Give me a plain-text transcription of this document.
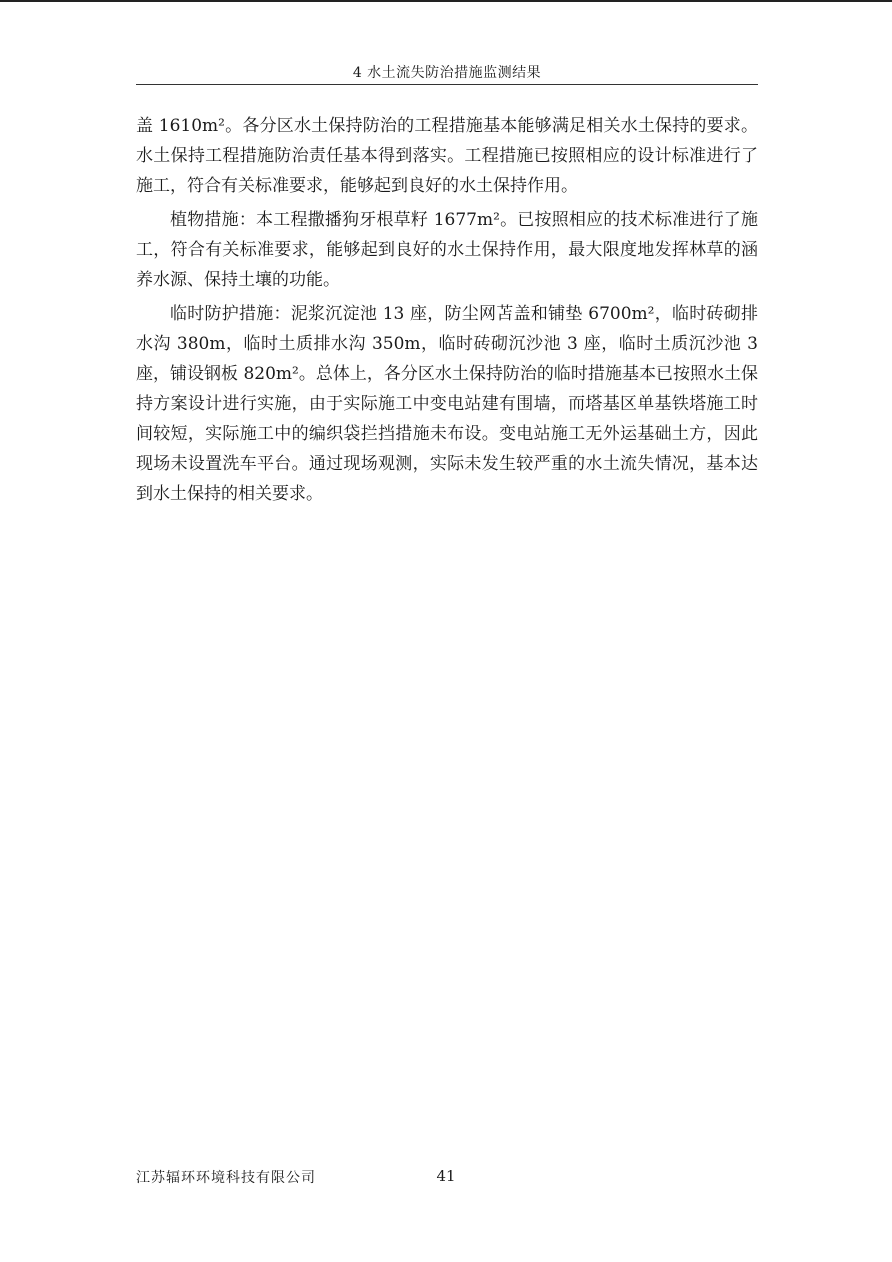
4 水土流失防治措施监测结果

盖 1610m²。各分区水土保持防治的工程措施基本能够满足相关水土保持的要求。水土保持工程措施防治责任基本得到落实。工程措施已按照相应的设计标准进行了施工，符合有关标准要求，能够起到良好的水土保持作用。

植物措施：本工程撒播狗牙根草籽 1677m²。已按照相应的技术标准进行了施工，符合有关标准要求，能够起到良好的水土保持作用，最大限度地发挥林草的涵养水源、保持土壤的功能。

临时防护措施：泥浆沉淀池 13 座，防尘网苫盖和铺垫 6700m²，临时砖砌排水沟 380m，临时土质排水沟 350m，临时砖砌沉沙池 3 座，临时土质沉沙池 3 座，铺设钢板 820m²。总体上，各分区水土保持防治的临时措施基本已按照水土保持方案设计进行实施，由于实际施工中变电站建有围墙，而塔基区单基铁塔施工时间较短，实际施工中的编织袋拦挡措施未布设。变电站施工无外运基础土方，因此现场未设置洗车平台。通过现场观测，实际未发生较严重的水土流失情况，基本达到水土保持的相关要求。

江苏辐环环境科技有限公司	41
